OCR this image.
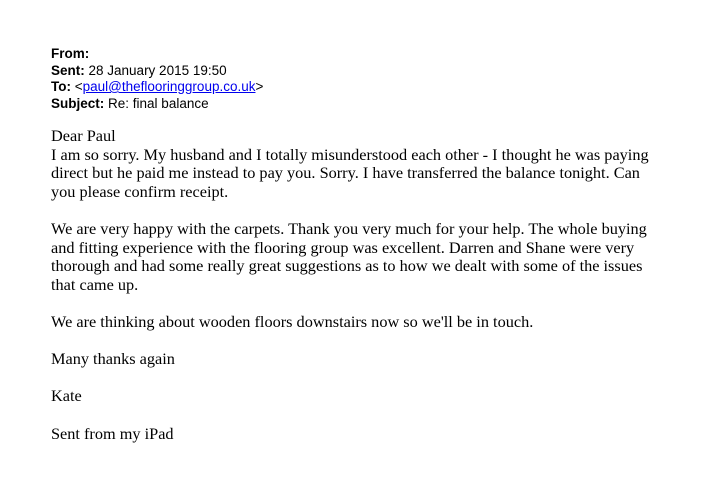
From:
Sent: 28 January 2015 19:50
To: <paul@theflooringgroup.co.uk>
Subject: Re: final balance

Dear Paul

I am so sorry. My husband and I totally misunderstood each other - I thought he was paying

direct but he paid me instead to pay you. Sorry. I have transferred the balance tonight. Can

you please confirm receipt.

We are very happy with the carpets. Thank you very much for your help. The whole buying

and fitting experience with the flooring group was excellent. Darren and Shane were very

thorough and had some really great suggestions as to how we dealt with some of the issues

that came up.

We are thinking about wooden floors downstairs now so we'll be in touch.

Many thanks again

Kate

Sent from my iPad
